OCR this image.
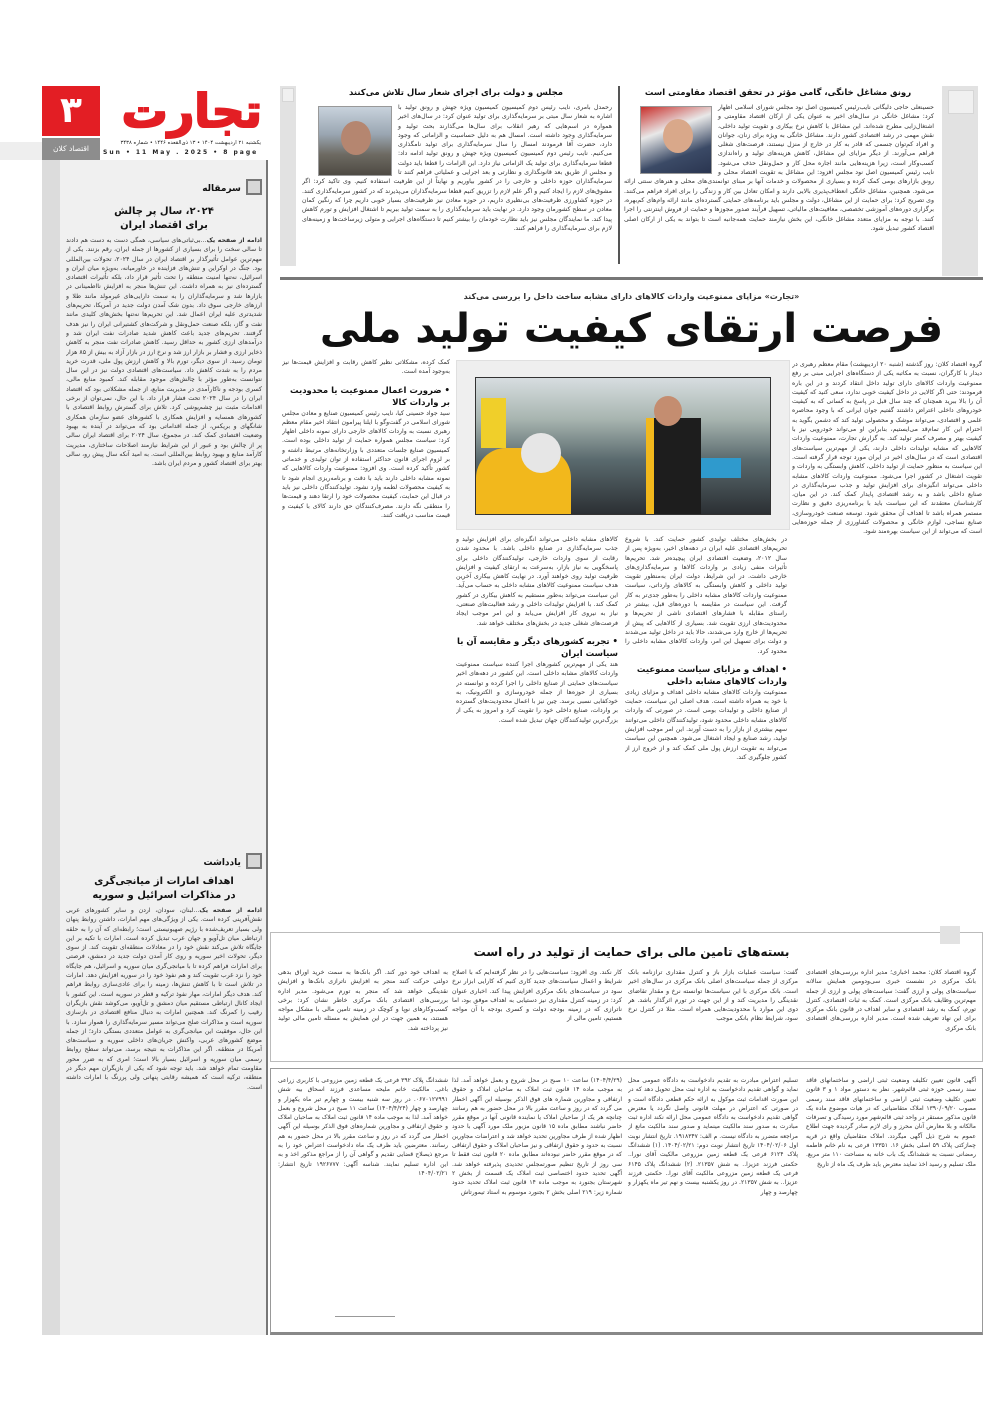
۳
اقتصاد کلان
تجارت
یکشنبه ۲۱ اردیبهشت ۱۴۰۴ • ۱۳ ذی‌القعده ۱۴۴۶ • شماره ۳۴۳۸
Sun • 11 May . 2025 • 8 page
سرمقاله
۲۰۲۴، سال پر چالش
برای اقتصاد ایران
ادامه از صفحه یک...بی‌ثباتی‌های سیاسی، همگی دست به دست هم دادند تا سالی سخت را برای بسیاری از کشورها از جمله ایران، رقم بزنند. یکی از مهم‌ترین عوامل تأثیرگذار بر اقتصاد ایران در سال ۲۰۲۴، تحولات بین‌المللی بود. جنگ در اوکراین و تنش‌های فزاینده در خاورمیانه، به‌ویژه میان ایران و اسرائیل، نه‌تنها امنیت منطقه را تحت تأثیر قرار داد، بلکه تأثیرات اقتصادی گسترده‌ای نیز به همراه داشت. این تنش‌ها منجر به افزایش نااطمینانی در بازارها شد و سرمایه‌گذاران را به سمت دارایی‌های غیرمولد مانند طلا و ارزهای خارجی سوق داد. بدون شک آمدن دولت جدید در آمریکا، تحریم‌های شدیدتری علیه ایران اعمال شد. این تحریم‌ها نه‌تنها بخش‌های کلیدی مانند نفت و گاز، بلکه صنعت حمل‌ونقل و شرکت‌های کشتیرانی ایران را نیز هدف گرفتند. تحریم‌های جدید باعث کاهش شدید صادرات نفت ایران شد و درآمدهای ارزی کشور به حداقل رسید. کاهش صادرات نفت منجر به کاهش ذخایر ارزی و فشار بر بازار ارز شد و نرخ ارز در بازار آزاد به بیش از ۸۵ هزار تومان رسید. از سوی دیگر، تورم بالا و کاهش ارزش پول ملی، قدرت خرید مردم را به شدت کاهش داد. سیاست‌های اقتصادی دولت نیز در این سال نتوانست به‌طور مؤثر با چالش‌های موجود مقابله کند. کمبود منابع مالی، کسری بودجه و ناکارآمدی در مدیریت منابع، از جمله مشکلاتی بود که اقتصاد ایران را در سال ۲۰۲۴ تحت فشار قرار داد. با این حال، نمی‌توان از برخی اقدامات مثبت نیز چشم‌پوشی کرد. تلاش برای گسترش روابط اقتصادی با کشورهای همسایه و افزایش همکاری با کشورهای عضو سازمان همکاری شانگهای و بریکس، از جمله اقداماتی بود که می‌تواند در آینده به بهبود وضعیت اقتصادی کمک کند. در مجموع، سال ۲۰۲۴ برای اقتصاد ایران سالی پر از چالش بود و عبور از این شرایط نیازمند اصلاحات ساختاری، مدیریت کارآمد منابع و بهبود روابط بین‌المللی است. به امید آنکه سال پیش رو، سالی بهتر برای اقتصاد کشور و مردم ایران باشد.
یادداشت
اهداف امارات از میانجی‌گری
در مذاکرات اسرائیل و سوریه
ادامه از صفحه یک...لبنان، سودان، اردن و سایر کشورهای عربی نقش‌آفرینی کرده است. یکی از ویژگی‌های مهم امارات، داشتن روابط پنهان ولی بسیار تعریف‌شده با رژیم صهیونیستی است؛ رابطه‌ای که آن را به حلقه ارتباطی میان تل‌آویو و جهان عرب تبدیل کرده است. امارات با تکیه بر این جایگاه تلاش می‌کند نقش خود را در معادلات منطقه‌ای تقویت کند. از سوی دیگر، تحولات اخیر سوریه و روی کار آمدن دولت جدید در دمشق، فرصتی برای امارات فراهم کرده تا با میانجی‌گری میان سوریه و اسرائیل، هم جایگاه خود را نزد غرب تقویت کند و هم نفوذ خود را در سوریه افزایش دهد. امارات در تلاش است تا با کاهش تنش‌ها، زمینه را برای عادی‌سازی روابط فراهم کند. هدف دیگر امارات، مهار نفوذ ترکیه و قطر در سوریه است. این کشور با ایجاد کانال ارتباطی مستقیم میان دمشق و تل‌آویو، می‌کوشد نقش بازیگران رقیب را کمرنگ کند. همچنین امارات به دنبال منافع اقتصادی در بازسازی سوریه است و مذاکرات صلح می‌تواند مسیر سرمایه‌گذاری را هموار سازد. با این حال، موفقیت این میانجی‌گری به عوامل متعددی بستگی دارد؛ از جمله موضع کشورهای عربی، واکنش جریان‌های داخلی سوریه و سیاست‌های آمریکا در منطقه. اگر این مذاکرات به نتیجه برسد، می‌تواند سطح روابط رسمی میان سوریه و اسرائیل بسیار بالا است؛ امری که به ضرر محور مقاومت تمام خواهد شد. باید توجه شود که یکی از بازیگران مهم دیگر در منطقه، ترکیه است که همیشه رقابتی پنهانی ولی پررنگ با امارات داشته است.
رونق مشاغل خانگی، گامی مؤثر در تحقق اقتصاد مقاومتی است
حسینعلی حاجی دلیگانی نایب‌رئیس کمیسیون اصل نود مجلس شورای اسلامی اظهار کرد: مشاغل خانگی در سال‌های اخیر به عنوان یکی از ارکان اقتصاد مقاومتی و اشتغال‌زایی مطرح شده‌اند. این مشاغل با کاهش نرخ بیکاری و تقویت تولید داخلی، نقش مهمی در رشد اقتصادی کشور دارند. مشاغل خانگی به ویژه برای زنان، جوانان و افراد کم‌توان جسمی که قادر به کار در خارج از منزل نیستند، فرصت‌های شغلی فراهم می‌آورند. از دیگر مزایای این مشاغل، کاهش هزینه‌های تولید و راه‌اندازی کسب‌وکار است، زیرا هزینه‌هایی مانند اجاره محل کار و حمل‌ونقل حذف می‌شود. نایب رئیس کمیسیون اصل نود مجلس افزود: این مشاغل به تقویت اقتصاد محلی و رونق بازارهای بومی کمک کرده و بسیاری از محصولات و خدمات آنها بر مبنای توانمندی‌های محلی و هنرهای سنتی ارائه می‌شود. همچنین، مشاغل خانگی انعطاف‌پذیری بالایی دارند و امکان تعادل بین کار و زندگی را برای افراد فراهم می‌کنند. وی تصریح کرد: برای حمایت از این مشاغل، دولت و مجلس باید برنامه‌های حمایتی گسترده‌ای مانند ارائه وام‌های کم‌بهره، برگزاری دوره‌های آموزشی تخصصی، معافیت‌های مالیاتی، تسهیل فرآیند صدور مجوزها و حمایت از فروش اینترنتی را اجرا کنند. با توجه به مزایای متعدد مشاغل خانگی، این بخش نیازمند حمایت همه‌جانبه است تا بتواند به یکی از ارکان اصلی اقتصاد کشور تبدیل شود.
مجلس و دولت برای اجرای شعار سال تلاش می‌کنند
رحمدل بامری، نایب رئیس دوم کمیسیون کمیسیون ویژه جهش و رونق تولید با اشاره به شعار سال مبتی بر سرمایه‌گذاری برای تولید عنوان کرد: در سال‌های اخیر همواره در اسم‌هایی که رهبر انقلاب برای سال‌ها می‌گذارند بحث تولید و سرمایه‌گذاری وجود داشته است. امسال هم به دلیل حساسیت و الزاماتی که وجود دارد، حضرت آقا فرمودند امسال را سال سرمایه‌گذاری برای تولید نامگذاری می‌کنیم. نایب رئیس دوم کمیسیون کمیسیون ویژه جهش و رونق تولید ادامه داد: قطعا سرمایه‌گذاری برای تولید یک الزاماتی نیاز دارد. این الزامات را قطعا باید دولت و مجلس از طریق بعد قانونگذاری و نظارتی و بعد اجرایی و عملیاتی فراهم کنند تا سرمایه‌گذاران حوزه داخلی و خارجی را در کشور بیاوریم و نهایتاً از این ظرفیت استفاده کنیم. وی تاکید کرد: اگر مشوق‌های لازم را ایجاد کنیم و اگر علم لازم را تزریق کنیم قطعا سرمایه‌گذاران می‌پذیرند که در کشور سرمایه‌گذاری کنند. در حوزه کشاورزی ظرفیت‌های بی‌نظیری داریم، در حوزه معادن نیز ظرفیت‌های بسیار خوبی داریم چرا که رنگین کمان معادن در سطح کشورمان وجود دارد. در نهایت باید سرمایه‌گذاری را به سمت تولید ببریم تا اشتغال افزایش و تورم کاهش پیدا کند. ما نمایندگان مجلس نیز باید نظارت خودمان را بیشتر کنیم تا دستگاه‌های اجرایی و متولی زیرساخت‌ها و زمینه‌های لازم برای سرمایه‌گذاری را فراهم کنند.
«تجارت» مزایای ممنوعیت واردات کالاهای دارای مشابه ساخت داخل را بررسی می‌کند
فرصت ارتقای کیفیت تولید ملی
گروه اقتصاد کلان: روز گذشته (شنبه ۲۰ اردیبهشت) مقام معظم رهبری در دیدار با کارگران، نسبت به مکاتبه یکی از دستگاه‌های اجرایی مبنی بر رفع ممنوعیت واردات کالاهای دارای تولید داخل انتقاد کردند و در این باره فرمودند: حتی اگر کالایی در داخل کیفیت خوبی ندارد، سعی کنید که کیفیت آن را بالا ببرید همچنان که چند سال قبل در پاسخ به کسانی که به کیفیت خودروهای داخلی اعتراض داشتند گفتیم جوان ایرانی که با وجود محاصره علمی و اقتصادی، می‌تواند موشک و محصولی تولید کند که دشمن بگوید به احترام این کار تمام‌قد می‌ایستیم، بنابراین او می‌تواند خودرویی نیز با کیفیت بهتر و مصرف کمتر تولید کند. به گزارش تجارت، ممنوعیت واردات کالاهایی که مشابه تولیدات داخلی دارند، یکی از مهم‌ترین سیاست‌های اقتصادی است که در سال‌های اخیر در ایران مورد توجه قرار گرفته است. این سیاست به منظور حمایت از تولید داخلی، کاهش وابستگی به واردات و تقویت اشتغال در کشور اجرا می‌شود. ممنوعیت واردات کالاهای مشابه داخلی می‌تواند انگیزه‌ای برای افزایش تولید و جذب سرمایه‌گذاری در صنایع داخلی باشد و به رشد اقتصادی پایدار کمک کند. در این میان، کارشناسان معتقدند که این سیاست باید با برنامه‌ریزی دقیق و نظارت مستمر همراه باشد تا اهداف آن محقق شود. توسعه صنعت خودروسازی، صنایع نساجی، لوازم خانگی و محصولات کشاورزی از جمله حوزه‌هایی است که می‌تواند از این سیاست بهره‌مند شود.
در بخش‌های مختلف تولیدی کشور حمایت کند. با شروع تحریم‌های اقتصادی علیه ایران در دهه‌های اخیر، به‌ویژه پس از سال ۲۰۱۲، وضعیت اقتصادی ایران پیچیده‌تر شد. تحریم‌ها تأثیرات منفی زیادی بر واردات کالاها و سرمایه‌گذاری‌های خارجی داشت. در این شرایط، دولت ایران به‌منظور تقویت تولید داخلی و کاهش وابستگی به کالاهای وارداتی، سیاست ممنوعیت واردات کالاهای مشابه داخلی را به‌طور جدی‌تر به کار گرفت. این سیاست در مقایسه با دوره‌های قبل، بیشتر در راستای مقابله با فشارهای اقتصادی ناشی از تحریم‌ها و محدودیت‌های ارزی تقویت شد. بسیاری از کالاهایی که پیش از تحریم‌ها از خارج وارد می‌شدند، حالا باید در داخل تولید می‌شدند و دولت برای تسهیل این امر، واردات کالاهای مشابه داخلی را محدود کرد.
• اهداف و مزایای سیاست ممنوعیت واردات کالاهای مشابه داخلی
ممنوعیت واردات کالاهای مشابه داخلی اهداف و مزایای زیادی با خود به همراه داشته است. هدف اصلی این سیاست، حمایت از صنایع داخلی و تولیدات بومی است. در صورتی که واردات کالاهای مشابه داخلی محدود شود، تولیدکنندگان داخلی می‌توانند سهم بیشتری از بازار را به دست آورند. این امر موجب افزایش تولید، رشد صنایع و ایجاد اشتغال می‌شود. همچنین این سیاست می‌تواند به تقویت ارزش پول ملی کمک کند و از خروج ارز از کشور جلوگیری کند.
کالاهای مشابه داخلی می‌تواند انگیزه‌ای برای افزایش تولید و جذب سرمایه‌گذاری در صنایع داخلی باشد. با محدود شدن رقابت از سوی واردات خارجی، تولیدکنندگان داخلی برای پاسخگویی به نیاز بازار، به‌سرعت به ارتقای کیفیت و افزایش ظرفیت تولید روی خواهند آورد. در نهایت کاهش بیکاری آخرین هدف سیاست ممنوعیت کالاهای مشابه داخلی به حساب می‌آید. این سیاست می‌تواند به‌طور مستقیم به کاهش بیکاری در کشور کمک کند. با افزایش تولیدات داخلی و رشد فعالیت‌های صنعتی، نیاز به نیروی کار افزایش می‌یابد و این امر موجب ایجاد فرصت‌های شغلی جدید در بخش‌های مختلف خواهد شد.
• تجربه کشورهای دیگر و مقایسه آن با سیاست ایران
هند یکی از مهم‌ترین کشورهای اجرا کننده سیاست ممنوعیت واردات کالاهای مشابه داخلی است. این کشور در دهه‌های اخیر سیاست‌های حمایتی از صنایع داخلی را اجرا کرده و توانسته در بسیاری از حوزه‌ها از جمله خودروسازی و الکترونیک، به خودکفایی نسبی برسد. چین نیز با اعمال محدودیت‌های گسترده بر واردات، صنایع داخلی خود را تقویت کرد و امروز به یکی از بزرگ‌ترین تولیدکنندگان جهان تبدیل شده است.
کمک کرده، مشکلاتی نظیر کاهش رقابت و افزایش قیمت‌ها نیز به‌وجود آمده است.
• ضرورت اعمال ممنوعیت یا محدودیت بر واردات کالا
سید جواد حسینی کیا، نایب رئیس کمیسیون صنایع و معادن مجلس شورای اسلامی در گفت‌وگو با ایلنا پیرامون انتقاد اخیر مقام معظم رهبری نسبت به واردات کالاهای خارجی دارای نمونه داخلی اظهار کرد: سیاست مجلس همواره حمایت از تولید داخلی بوده است. کمیسیون صنایع جلسات متعددی با وزارتخانه‌های مرتبط داشته و بر لزوم اجرای قانون حداکثر استفاده از توان تولیدی و خدماتی کشور تأکید کرده است. وی افزود: ممنوعیت واردات کالاهایی که نمونه مشابه داخلی دارند باید با دقت و برنامه‌ریزی انجام شود تا به کیفیت محصولات لطمه وارد نشود. تولیدکنندگان داخلی نیز باید در قبال این حمایت، کیفیت محصولات خود را ارتقا دهند و قیمت‌ها را منطقی نگه دارند. مصرف‌کنندگان حق دارند کالای با کیفیت و قیمت مناسب دریافت کنند.
بسته‌های تامین مالی برای حمایت از تولید در راه است
گروه اقتصاد کلان: محمد اخباری؛ مدیر اداره بررسی‌های اقتصادی بانک مرکزی در نشست خبری سی‌ودومین همایش سالانه سیاست‌های پولی و ارزی گفت: سیاست‌های پولی و ارزی از جمله مهم‌ترین وظایف بانک مرکزی است. کمک به ثبات اقتصادی، کنترل تورم، کمک به رشد اقتصادی و سایر اهداف در قانون بانک مرکزی برای این نهاد تعریف شده است. مدیر اداره بررسی‌های اقتصادی بانک مرکزی
گفت: سیاست عملیات بازار باز و کنترل مقداری ترازنامه بانک مرکزی از جمله سیاست‌های اصلی بانک مرکزی در سال‌های اخیر است. بانک مرکزی با این سیاست‌ها توانسته نرخ و مقدار تقاضای نقدینگی را مدیریت کند و از این جهت در تورم اثرگذار باشد. هر دوی این موارد با محدودیت‌هایی همراه است. مثلا در کنترل نرخ سود، شرایط نظام بانکی موجب
کار نکند. وی افزود: سیاست‌هایی را در نظر گرفته‌ایم که با اصلاح شرایط و اعمال سیاست‌های جدید کاری کنیم که کارایی ابزار نرخ سود در سیاست‌های بانک مرکزی افزایش پیدا کند. اخباری عنوان کرد: در زمینه کنترل مقداری نیز دستیابی به اهداف موفق بود، اما ناترازی که در زمینه بودجه دولت و کسری بودجه با آن مواجه هستیم، تامین مالی از
به اهداف خود دور کند. اگر بانک‌ها به سمت خرید اوراق بدهی دولتی حرکت کنند منجر به افزایش ناترازی بانک‌ها و افزایش نقدینگی خواهد شد که منجر به تورم می‌شود. مدیر اداره بررسی‌های اقتصادی بانک مرکزی خاطر نشان کرد: برخی کسب‌وکارهای نوپا و کوچک در زمینه تامین مالی با مشکل مواجه هستند، به همین جهت در این همایش به مسئله تامین مالی تولید نیز پرداخته شد.
آگهی قانون تعیین تکلیف وضعیت ثبتی اراضی و ساختمانهای فاقد سند رسمی حوزه ثبتی قائم‌شهر. نظر به دستور مواد ۱ و ۳ قانون تعیین تکلیف وضعیت ثبتی اراضی و ساختمانهای فاقد سند رسمی مصوب ۱۳۹۰/۰۹/۲۰ املاک متقاضیانی که در هیات موضوع ماده یک قانون مذکور مستقر در واحد ثبتی قائم‌شهر مورد رسیدگی و تصرفات مالکانه و بلا معارض آنان محرز و رای لازم صادر گردیده جهت اطلاع عموم به شرح ذیل آگهی میگردد. املاک متقاضیان واقع در قریه چمازکتی پلاک ۵۹ اصلی بخش ۱۶. ۱۳۳۵۱ فرعی به نام خانم فاطمه رمضانی نسبت به ششدانگ یک باب خانه به مساحت ۱۱۰ متر مربع. ملک تسلیم و رسید اخذ نمایند معترض باید ظرف یک ماه از تاریخ
تسلیم اعتراض مبادرت به تقدیم دادخواست به دادگاه عمومی محل نماید و گواهی تقدیم دادخواست به اداره ثبت محل تحویل دهد که در این صورت اقدامات ثبت موکول به ارائه حکم قطعی دادگاه است و در صورتی که اعتراض در مهلت قانونی واصل نگردد یا معترض گواهی تقدیم دادخواست به دادگاه عمومی محل ارائه نکند اداره ثبت مبادرت به صدور سند مالکیت مینماید و صدور سند مالکیت مانع از مراجعه متضرر به دادگاه نیست. م الف: ۱۹۱۸۳۴۷. تاریخ انتشار نوبت اول ۱۴۰۴/۰۲/۰۶ تاریخ انتشار نوبت دوم: ۱۴۰۴/۰۲/۲۱. (۱) ششدانگ پلاک ۶۱۲۴ فرعی یک قطعه زمین مزروعی مالکیت آقای نورا.. حکمتی فرزند عزیزا.. به شش ۲۱۳۵۷. (۲) ششدانگ پلاک ۶۱۴۵ فرعی یک قطعه زمین مزروعی مالکیت آقای نورا.. حکمتی فرزند عزیزا.. به شش ۲۱۳۵۷. در روز یکشنبه بیست و نهم تیر ماه یکهزار و چهارصد و چهار
(۱۴۰۴/۴/۲۹) ساعت ۱۰ صبح در محل شروع و بعمل خواهد آمد. لذا به موجب ماده ۱۴ قانون ثبت املاک به صاحبان املاک و حقوق ارتفاقی و مجاورین شماره های فوق الذکر بوسیله این آگهی اخطار می گردد که در روز و ساعت مقرر بالا در محل حضور به هم رسانند چنانچه هر یک از صاحبان املاک یا نماینده قانونی آنها در موقع مقرر حاضر نباشند مطابق ماده ۱۵ قانون مزبور ملک مورد آگهی با حدود اظهار شده از طرف مجاورین تحدید خواهد شد و اعتراضات مجاورین نسبت به حدود و حقوق ارتفاقی و نیز صاحبان املاک و حقوق ارتفاقی که در موقع مقرر حاضر نبوده‌اند مطابق ماده ۲۰ قانون ثبت فقط تا سی روز از تاریخ تنظیم صورتمجلس تحدیدی پذیرفته خواهد شد. آگهی تحدید حدود اختصاصی ثبت املاک یک قسمت از بخش ۲ شهرستان بجنورد به موجب ماده ۱۴ قانون ثبت املاک تحدید حدود شماره زیر: ۲۱۹ اصلی بخش ۲ بجنورد موسوم به استاد تیمورتاش
ششدانگ پلاک ۳۹۲ فرعی یک قطعه زمین مزروعی با کاربری زراعی باغی. مالکیت خانم ملیحه مساعدی فرزند اسحاق بیه شش ۰۶۷۰۱۲۷۹۹۱. در روز سه شنبه بیست و چهارم تیر ماه یکهزار و چهارصد و چهار (۱۴۰۴/۴/۲۴) ساعت ۱۱ صبح در محل شروع و بعمل خواهد آمد. لذا به موجب ماده ۱۴ قانون ثبت املاک به صاحبان املاک و حقوق ارتفاقی و مجاورین شماره‌های فوق الذکر بوسیله این آگهی اخطار می گردد که در روز و ساعت مقرر بالا در محل حضور به هم رسانند. معترضین باید ظرف یک ماه دادخواست اعتراض خود را به مرجع ذیصلاح قضایی تقدیم و گواهی آن را از مراجع مذکور اخذ و به این اداره تسلیم نمایند. شناسه آگهی: ۱۹۲۶۷۷۷ تاریخ انتشار: ۱۴۰۴/۰۲/۲۱
